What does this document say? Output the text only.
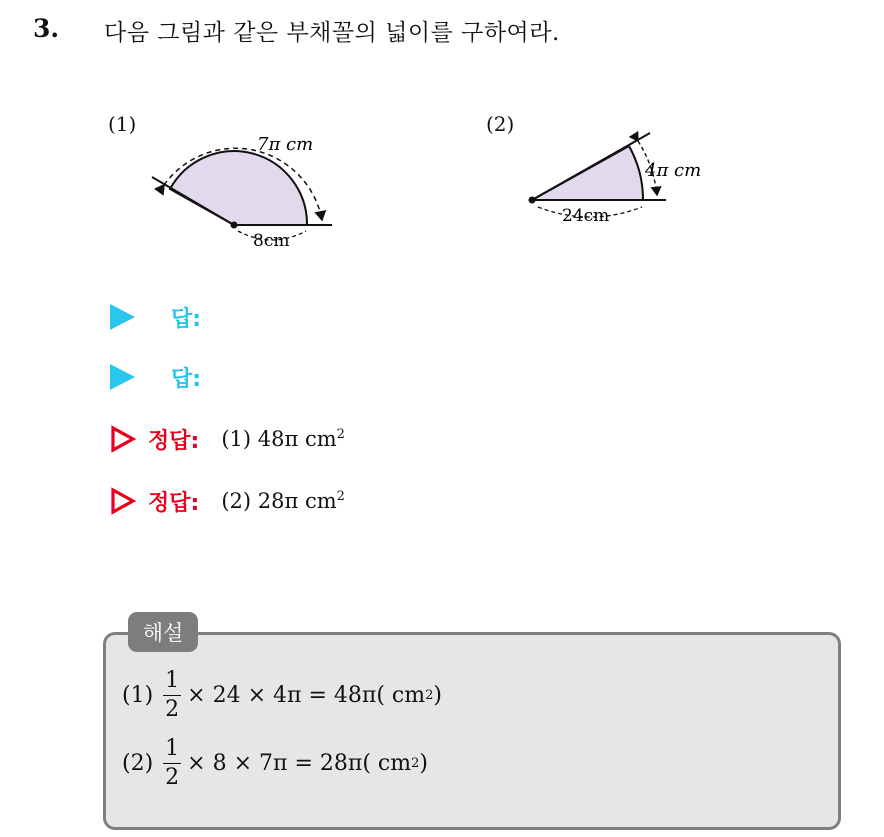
3. 다음 그림과 같은 부채꼴의 넓이를 구하여라.
(1)	(2)
7π cm
8cm
4π cm
24cm
답:
답:
정답: (1) 48π $cm^2$
정답: (2) 28π $cm^2$
해설
$(1) \frac{1}{2} \times 24 \times 4\pi = 48\pi$( cm 2 )
$(2) \frac{1}{2} \times 8 \times 7\pi = 28\pi$( cm 2 )
